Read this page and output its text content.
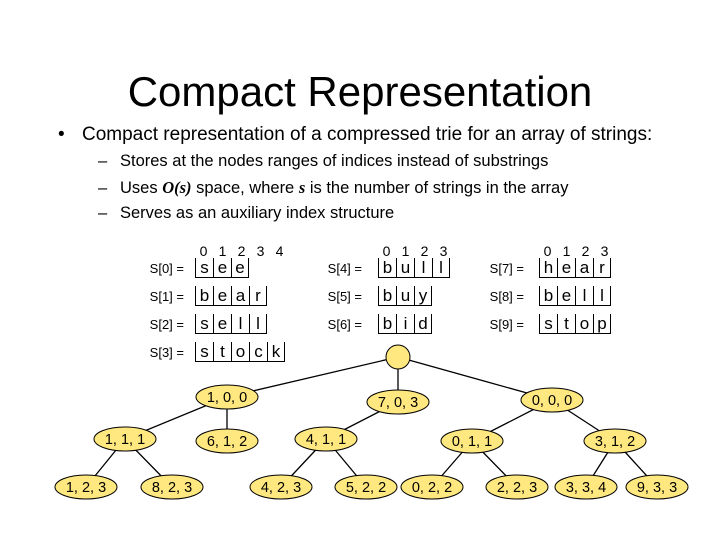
Compact Representation
• Compact representation of a compressed trie for an array of strings:
– Stores at the nodes ranges of indices instead of substrings
– Uses O(s) space, where s is the number of strings in the array
– Serves as an auxiliary index structure
0 1 2 3 4
S[0] = s e e
S[1] = b e a r
S[2] = s e l l
S[3] = s t o c k
0 1 2 3
S[4] = b u l l
S[5] = b u y
S[6] = b i d
0 1 2 3
S[7] = h e a r
S[8] = b e l l
S[9] =	s t o p
1, 0, 0	7, 0, 3	0, 0, 0
1, 1, 1	6, 1, 2	4, 1, 1	0, 1, 1	3, 1, 2
1, 2, 3	8, 2, 3	4, 2, 3	5, 2, 2 0, 2, 2	2, 2, 3 3, 3, 4 9, 3, 3
